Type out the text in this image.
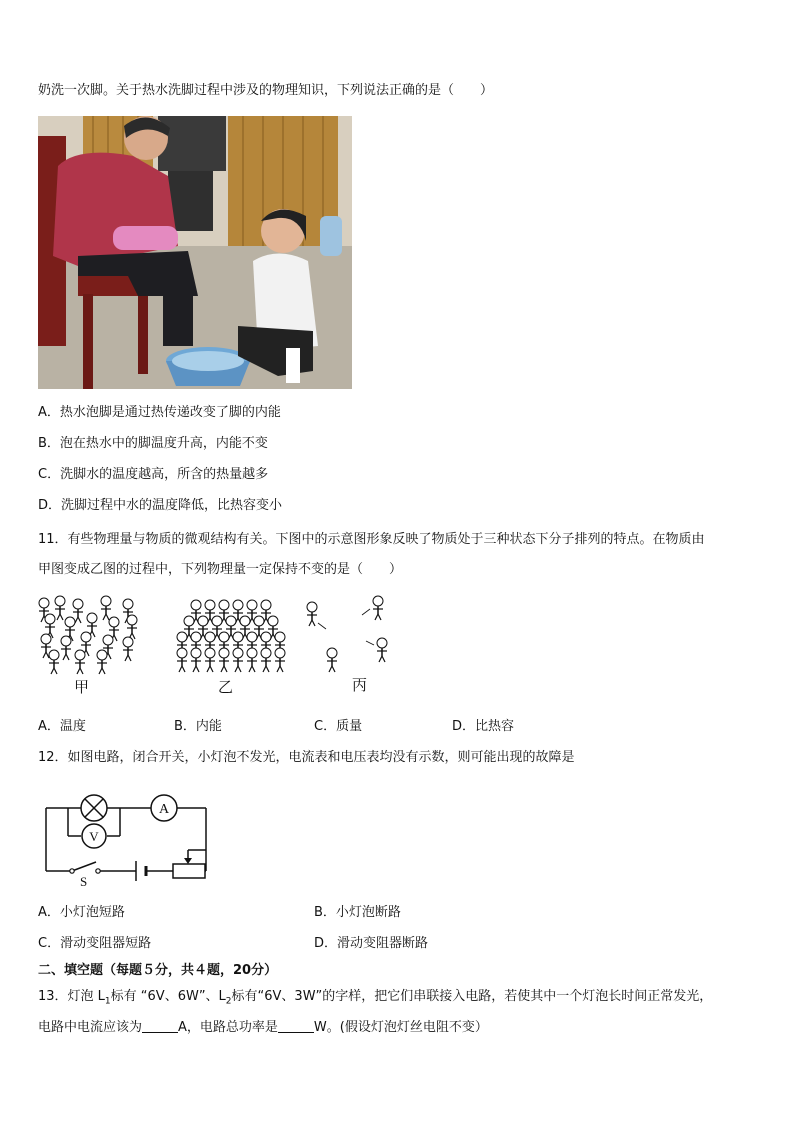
奶洗一次脚。关于热水洗脚过程中涉及的物理知识，下列说法正确的是（　　）
A．热水泡脚是通过热传递改变了脚的内能
B．泡在热水中的脚温度升高，内能不变
C．洗脚水的温度越高，所含的热量越多
D．洗脚过程中水的温度降低，比热容变小
11．有些物理量与物质的微观结构有关。下图中的示意图形象反映了物质处于三种状态下分子排列的特点。在物质由
甲图变成乙图的过程中，下列物理量一定保持不变的是（　　）
甲	乙	丙
A．温度	B．内能	C．质量	D．比热容
12．如图电路，闭合开关，小灯泡不发光，电流表和电压表均没有示数，则可能出现的故障是
A
V
S
A．小灯泡短路	B．小灯泡断路
C．滑动变阻器短路	D．滑动变阻器断路
二、填空题（每题５分，共４题，20分）
13．灯泡 $L_1$标有 “6V、6W”、$L_2$标有“6V、3W”的字样，把它们串联接入电路，若使其中一个灯泡长时间正常发光，
电路中电流应该为	A，电路总功率是	W。(假设灯泡灯丝电阻不变）
